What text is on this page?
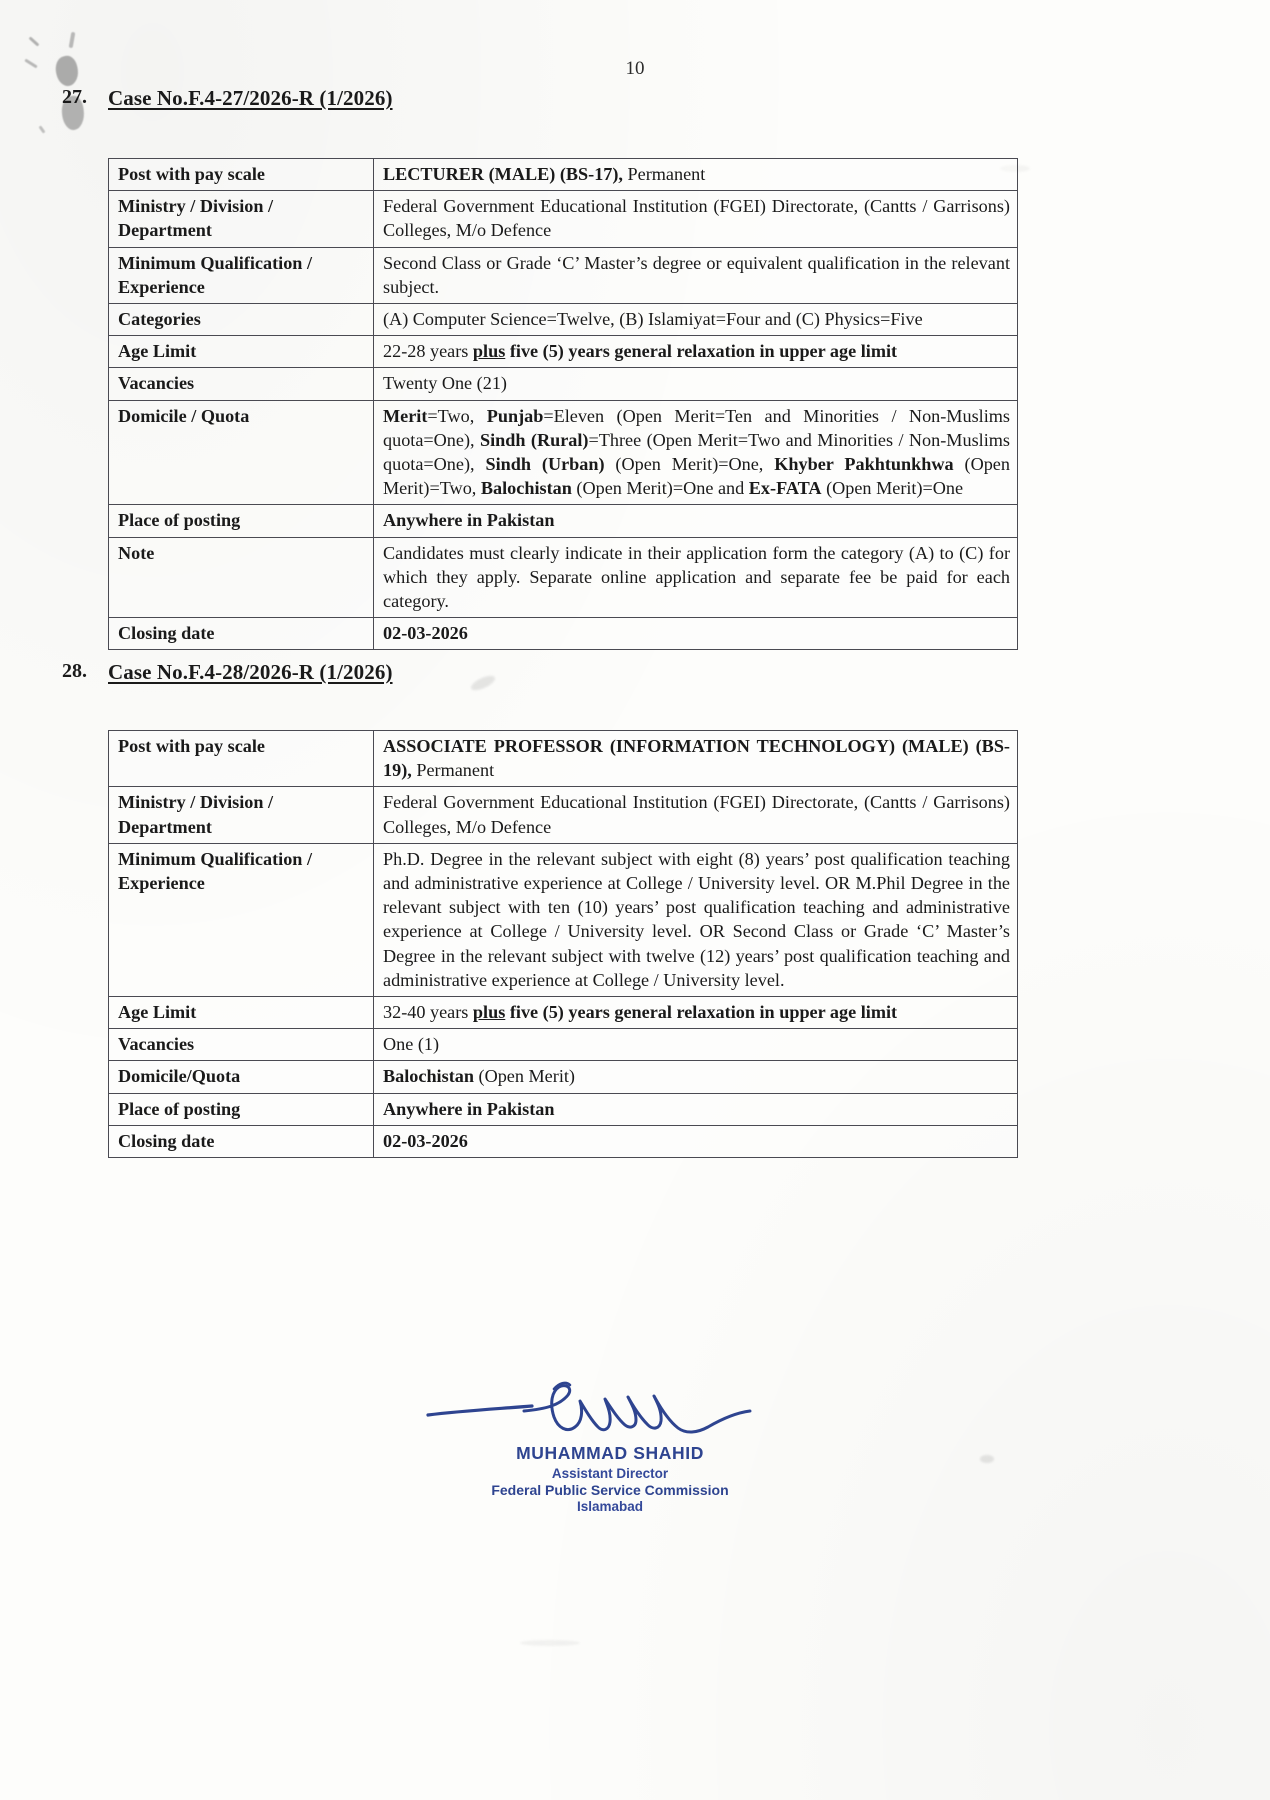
10
27.	Case No.F.4-27/2026-R (1/2026)
Post with pay scale	LECTURER (MALE) (BS-17), Permanent
Ministry / Division / Department	Federal Government Educational Institution (FGEI) Directorate, (Cantts / Garrisons) Colleges, M/o Defence
Minimum Qualification / Experience	Second Class or Grade ‘C’ Master’s degree or equivalent qualification in the relevant subject.
Categories	(A) Computer Science=Twelve, (B) Islamiyat=Four and (C) Physics=Five
Age Limit	22-28 years plus five (5) years general relaxation in upper age limit
Vacancies	Twenty One (21)
Domicile / Quota	Merit=Two, Punjab=Eleven (Open Merit=Ten and Minorities / Non-Muslims quota=One), Sindh (Rural)=Three (Open Merit=Two and Minorities / Non-Muslims quota=One), Sindh (Urban) (Open Merit)=One, Khyber Pakhtunkhwa (Open Merit)=Two, Balochistan (Open Merit)=One and Ex-FATA (Open Merit)=One
Place of posting	Anywhere in Pakistan
Note	Candidates must clearly indicate in their application form the category (A) to (C) for which they apply. Separate online application and separate fee be paid for each category.
Closing date	02-03-2026
28.	Case No.F.4-28/2026-R (1/2026)
Post with pay scale	ASSOCIATE PROFESSOR (INFORMATION TECHNOLOGY) (MALE) (BS-19), Permanent
Ministry / Division / Department	Federal Government Educational Institution (FGEI) Directorate, (Cantts / Garrisons) Colleges, M/o Defence
Minimum Qualification / Experience	Ph.D. Degree in the relevant subject with eight (8) years’ post qualification teaching and administrative experience at College / University level. OR M.Phil Degree in the relevant subject with ten (10) years’ post qualification teaching and administrative experience at College / University level. OR Second Class or Grade ‘C’ Master’s Degree in the relevant subject with twelve (12) years’ post qualification teaching and administrative experience at College / University level.
Age Limit	32-40 years plus five (5) years general relaxation in upper age limit
Vacancies	One (1)
Domicile/Quota	Balochistan (Open Merit)
Place of posting	Anywhere in Pakistan
Closing date	02-03-2026
MUHAMMAD SHAHID
Assistant Director
Federal Public Service Commission
Islamabad
